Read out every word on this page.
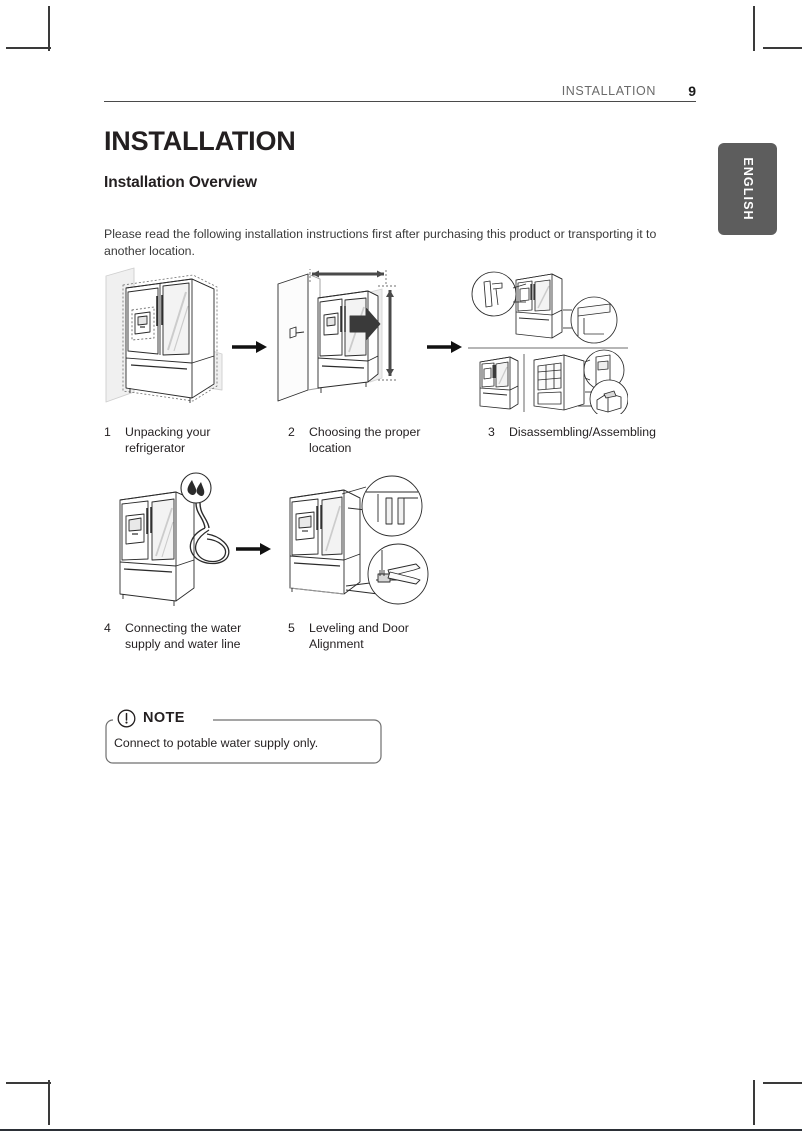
INSTALLATION 9
ENGLISH
INSTALLATION
Installation Overview

Please read the following installation instructions first after purchasing this product or transporting it to another location.

1 Unpacking your refrigerator
2 Choosing the proper location
3 Disassembling/Assembling
4 Connecting the water supply and water line
5 Leveling and Door Alignment
NOTE
Connect to potable water supply only.
